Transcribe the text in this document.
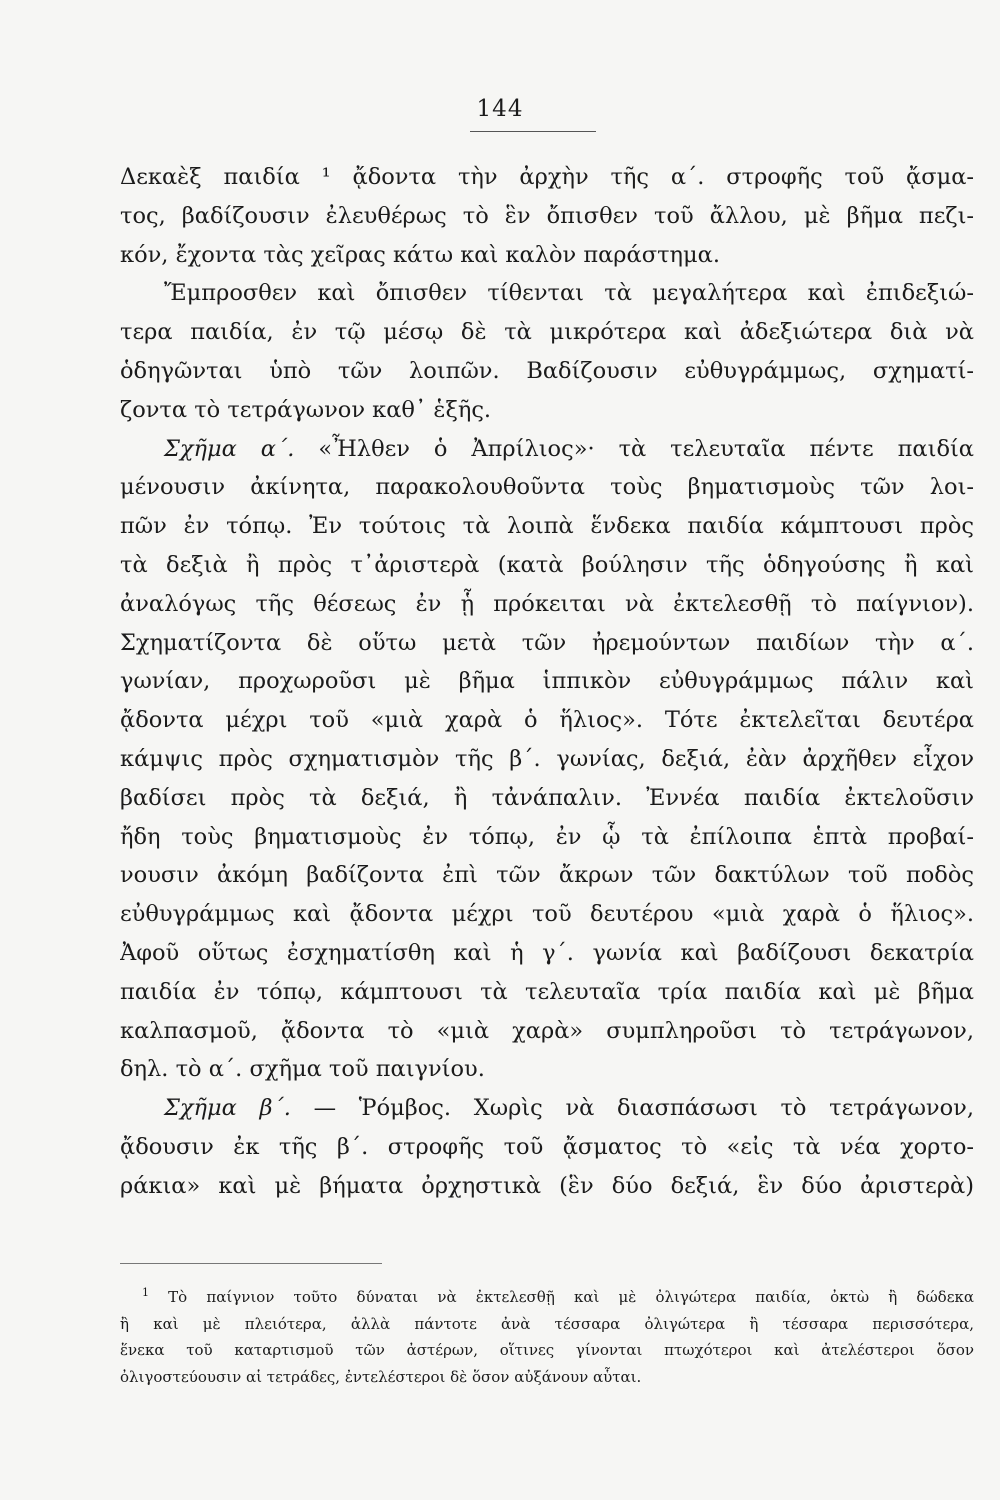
144
Δεκαὲξ παιδία ¹ ᾄδοντα τὴν ἀρχὴν τῆς α΄. στροφῆς τοῦ ᾄσμα-
τος, βαδίζουσιν ἐλευθέρως τὸ ἓν ὄπισθεν τοῦ ἄλλου, μὲ βῆμα πεζι-
κόν, ἔχοντα τὰς χεῖρας κάτω καὶ καλὸν παράστημα.
Ἔμπροσθεν καὶ ὄπισθεν τίθενται τὰ μεγαλήτερα καὶ ἐπιδεξιώ-
τερα παιδία, ἐν τῷ μέσῳ δὲ τὰ μικρότερα καὶ ἀδεξιώτερα διὰ νὰ
ὁδηγῶνται ὑπὸ τῶν λοιπῶν. Βαδίζουσιν εὐθυγράμμως, σχηματί-
ζοντα τὸ τετράγωνον καθ᾽ ἑξῆς.
Σχῆμα α΄. «Ἦλθεν ὁ Ἀπρίλιος»· τὰ τελευταῖα πέντε παιδία
μένουσιν ἀκίνητα, παρακολουθοῦντα τοὺς βηματισμοὺς τῶν λοι-
πῶν ἐν τόπῳ. Ἐν τούτοις τὰ λοιπὰ ἕνδεκα παιδία κάμπτουσι πρὸς
τὰ δεξιὰ ἢ πρὸς τ᾽ἀριστερὰ (κατὰ βούλησιν τῆς ὁδηγούσης ἢ καὶ
ἀναλόγως τῆς θέσεως ἐν ᾗ πρόκειται νὰ ἐκτελεσθῇ τὸ παίγνιον).
Σχηματίζοντα δὲ οὕτω μετὰ τῶν ἠρεμούντων παιδίων τὴν α΄.
γωνίαν, προχωροῦσι μὲ βῆμα ἱππικὸν εὐθυγράμμως πάλιν καὶ
ᾄδοντα μέχρι τοῦ «μιὰ χαρὰ ὁ ἥλιος». Τότε ἐκτελεῖται δευτέρα
κάμψις πρὸς σχηματισμὸν τῆς β΄. γωνίας, δεξιά, ἐὰν ἀρχῆθεν εἶχον
βαδίσει πρὸς τὰ δεξιά, ἢ τἀνάπαλιν. Ἐννέα παιδία ἐκτελοῦσιν
ἤδη τοὺς βηματισμοὺς ἐν τόπῳ, ἐν ᾧ τὰ ἐπίλοιπα ἑπτὰ προβαί-
νουσιν ἀκόμη βαδίζοντα ἐπὶ τῶν ἄκρων τῶν δακτύλων τοῦ ποδὸς
εὐθυγράμμως καὶ ᾄδοντα μέχρι τοῦ δευτέρου «μιὰ χαρὰ ὁ ἥλιος».
Ἀφοῦ οὕτως ἐσχηματίσθη καὶ ἡ γ΄. γωνία καὶ βαδίζουσι δεκατρία
παιδία ἐν τόπῳ, κάμπτουσι τὰ τελευταῖα τρία παιδία καὶ μὲ βῆμα
καλπασμοῦ, ᾄδοντα τὸ «μιὰ χαρὰ» συμπληροῦσι τὸ τετράγωνον,
δηλ. τὸ α΄. σχῆμα τοῦ παιγνίου.
Σχῆμα β΄. — Ῥόμβος. Χωρὶς νὰ διασπάσωσι τὸ τετράγωνον,
ᾄδουσιν ἐκ τῆς β΄. στροφῆς τοῦ ᾄσματος τὸ «εἰς τὰ νέα χορτο-
ράκια» καὶ μὲ βήματα ὀρχηστικὰ (ἓν δύο δεξιά, ἓν δύο ἀριστερὰ)
$^1$ Τὸ παίγνιον τοῦτο δύναται νὰ ἐκτελεσθῇ καὶ μὲ ὀλιγώτερα παιδία, ὀκτὼ ἢ δώδεκα
ἢ καὶ μὲ πλειότερα, ἀλλὰ πάντοτε ἀνὰ τέσσαρα ὀλιγώτερα ἢ τέσσαρα περισσότερα,
ἕνεκα τοῦ καταρτισμοῦ τῶν ἀστέρων, οἵτινες γίνονται πτωχότεροι καὶ ἀτελέστεροι ὅσον
ὀλιγοστεύουσιν αἱ τετράδες, ἐντελέστεροι δὲ ὅσον αὐξάνουν αὗται.
